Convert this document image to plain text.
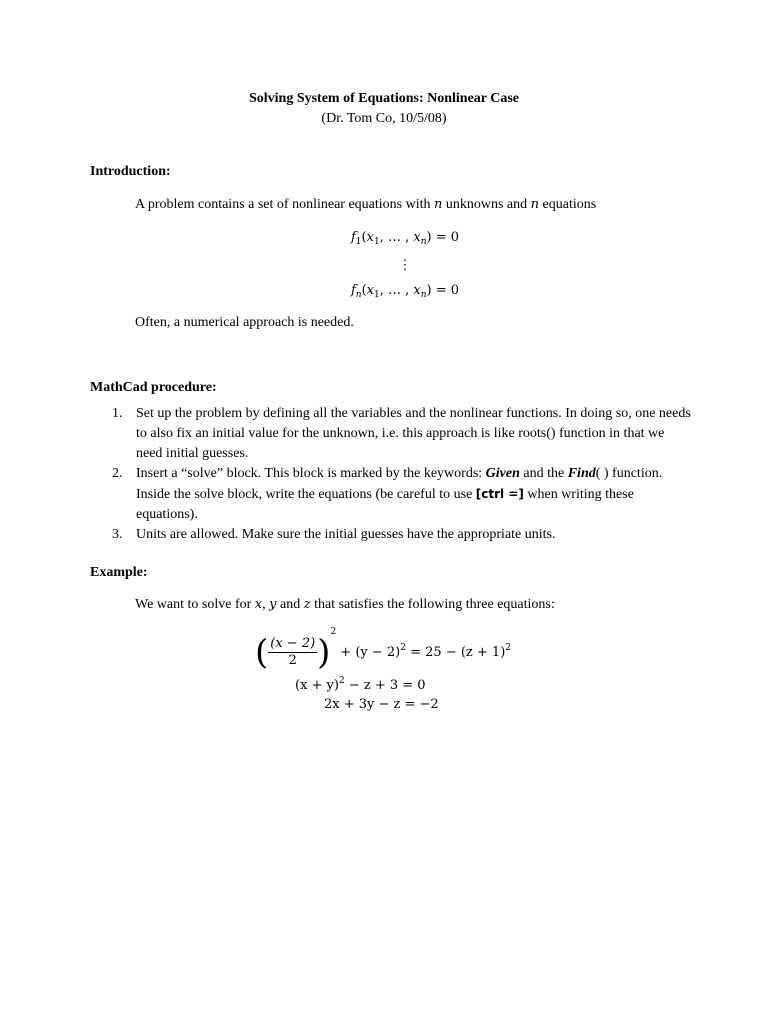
Solving System of Equations: Nonlinear Case
(Dr. Tom Co, 10/5/08)
Introduction:
A problem contains a set of nonlinear equations with n unknowns and n equations
$f_1(x_1$, … , $x_n) = 0$
⋮
$f_n(x_1$, … , $x_n) = 0$
Often, a numerical approach is needed.
MathCad procedure:
1. Set up the problem by defining all the variables and the nonlinear functions. In doing so, one needs to also fix an initial value for the unknown, i.e. this approach is like roots() function in that we need initial guesses.
2. Insert a “solve” block. This block is marked by the keywords: Given and the Find( ) function. Inside the solve block, write the equations (be careful to use [ctrl =] when writing these equations).
3. Units are allowed. Make sure the initial guesses have the appropriate units.
Example:
We want to solve for x, y and z that satisfies the following three equations:
( $\frac{(x - 2)}{2} )^2 + (y - 2)^2 = 25 - (z + 1)^2$
$(x + y)^2 - z + 3 = 0$
2x + 3y − z = −2
